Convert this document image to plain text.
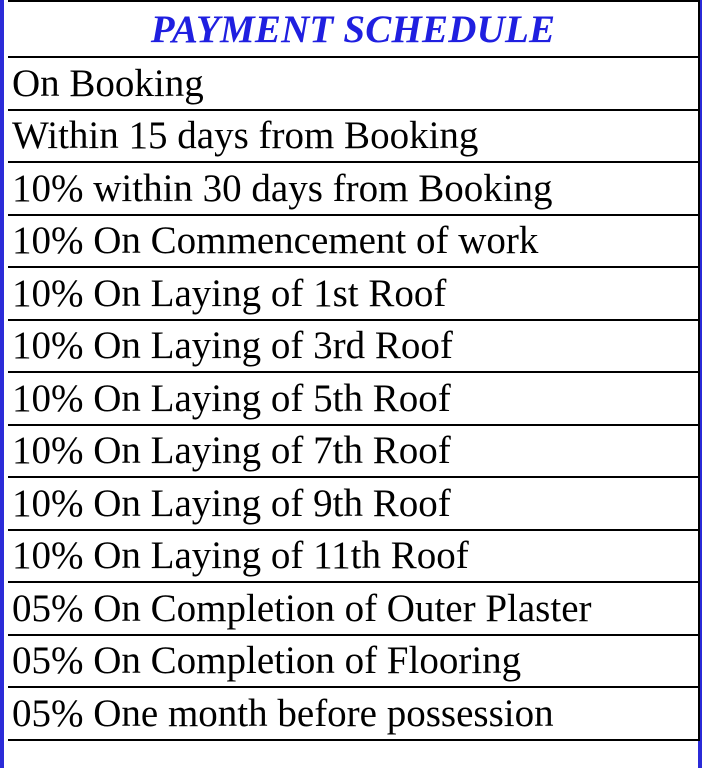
PAYMENT SCHEDULE
On Booking
Within 15 days from Booking
10% within 30 days from Booking
10% On Commencement of work
10% On Laying of 1st Roof
10% On Laying of 3rd Roof
10% On Laying of 5th Roof
10% On Laying of 7th Roof
10% On Laying of 9th Roof
10% On Laying of 11th Roof
05% On Completion of Outer Plaster
05% On Completion of Flooring
05% One month before possession
